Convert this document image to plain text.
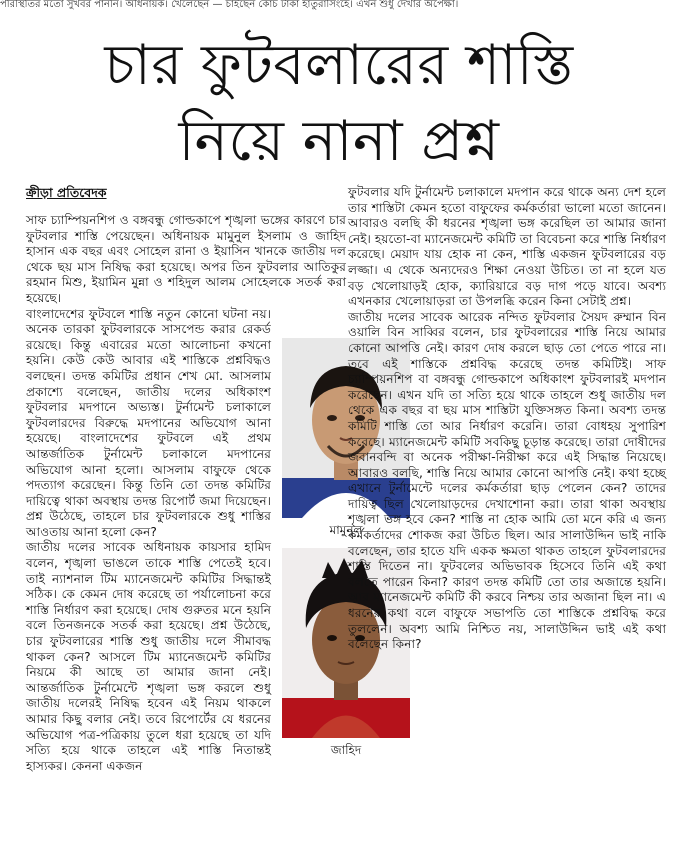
পরিস্থিতির মতো সুখবর পাননি। অধিনায়ক। খেলেছেন — চাইছেন কোচ টাকা হাতুরাসিংহে। এখন শুধু দেখার অপেক্ষা।
চার ফুটবলারের শাস্তি
নিয়ে নানা প্রশ্ন
ক্রীড়া প্রতিবেদক

সাফ চ্যাম্পিয়নশিপ ও বঙ্গবন্ধু গোল্ডকাপে শৃঙ্খলা ভঙ্গের কারণে চার ফুটবলার শাস্তি পেয়েছেন। অধিনায়ক মামুনুল ইসলাম ও জাহিদ হাসান এক বছর এবং সোহেল রানা ও ইয়াসিন খানকে জাতীয় দল থেকে ছয় মাস নিষিদ্ধ করা হয়েছে। অপর তিন ফুটবলার আতিকুর রহমান মিশু, ইয়ামিন মুন্না ও শহিদুল আলম সোহেলকে সতর্ক করা হয়েছে।

বাংলাদেশের ফুটবলে শাস্তি নতুন কোনো ঘটনা নয়। অনেক তারকা ফুটবলারকে সাসপেন্ড করার রেকর্ড রয়েছে। কিন্তু এবারের মতো আলোচনা কখনো হয়নি। কেউ কেউ আবার এই শাস্তিকে প্রশ্নবিদ্ধও বলছেন। তদন্ত কমিটির প্রধান শেখ মো. আসলাম প্রকাশ্যে বলেছেন, জাতীয় দলের অধিকাংশ ফুটবলার মদপানে অভ্যস্ত। টুর্নামেন্ট চলাকালে ফুটবলারদের বিরুদ্ধে মদপানের অভিযোগ আনা হয়েছে। বাংলাদেশের ফুটবলে এই প্রথম আন্তর্জাতিক টুর্নামেন্ট চলাকালে মদপানের অভিযোগ আনা হলো। আসলাম বাফুফে থেকে পদত্যাগ করেছেন। কিন্তু তিনি তো তদন্ত কমিটির দায়িত্বে থাকা অবস্থায় তদন্ত রিপোর্ট জমা দিয়েছেন। প্রশ্ন উঠেছে, তাহলে চার ফুটবলারকে শুধু শাস্তির আওতায় আনা হলো কেন?

জাতীয় দলের সাবেক অধিনায়ক কায়সার হামিদ বলেন, শৃঙ্খলা ভাঙলে তাকে শাস্তি পেতেই হবে। তাই ন্যাশনাল টিম ম্যানেজমেন্ট কমিটির সিদ্ধান্তই সঠিক। কে কেমন দোষ করেছে তা পর্যালোচনা করে শাস্তি নির্ধারণ করা হয়েছে। দোষ গুরুতর মনে হয়নি বলে তিনজনকে সতর্ক করা হয়েছে। প্রশ্ন উঠেছে, চার ফুটবলারের শাস্তি শুধু জাতীয় দলে সীমাবদ্ধ থাকল কেন? আসলে টিম ম্যানেজমেন্ট কমিটির নিয়মে কী আছে তা আমার জানা নেই। আন্তর্জাতিক টুর্নামেন্টে শৃঙ্খলা ভঙ্গ করলে শুধু জাতীয় দলেরই নিষিদ্ধ হবেন এই নিয়ম থাকলে আমার কিছু বলার নেই। তবে রিপোর্টের যে ধরনের অভিযোগ পত্র-পত্রিকায় তুলে ধরা হয়েছে তা যদি সত্যি হয়ে থাকে তাহলে এই শাস্তি নিতান্তই হাস্যকর। কেননা একজন

মামুনুল
জাহিদ

ফুটবলার যদি টুর্নামেন্ট চলাকালে মদপান করে থাকে অন্য দেশ হলে তার শাস্তিটা কেমন হতো বাফুফের কর্মকর্তারা ভালো মতো জানেন। আবারও বলছি কী ধরনের শৃঙ্খলা ভঙ্গ করেছিল তা আমার জানা নেই। হয়তো-বা ম্যানেজমেন্ট কমিটি তা বিবেচনা করে শাস্তি নির্ধারণ করেছে। মেয়াদ যায় হোক না কেন, শাস্তি একজন ফুটবলারের বড় লজ্জা। এ থেকে অন্যদেরও শিক্ষা নেওয়া উচিত। তা না হলে যত বড় খেলোয়াড়ই হোক, ক্যারিয়ারে বড় দাগ পড়ে যাবে। অবশ্য এখনকার খেলোয়াড়রা তা উপলব্ধি করেন কিনা সেটাই প্রশ্ন।

জাতীয় দলের সাবেক আরেক নন্দিত ফুটবলার সৈয়দ রুম্মান বিন ওয়ালি বিন সাব্বির বলেন, চার ফুটবলারের শাস্তি নিয়ে আমার কোনো আপত্তি নেই। কারণ দোষ করলে ছাড় তো পেতে পারে না। তবে এই শাস্তিকে প্রশ্নবিদ্ধ করেছে তদন্ত কমিটিই। সাফ চ্যাম্পিয়নশিপ বা বঙ্গবন্ধু গোল্ডকাপে অধিকাংশ ফুটবলারই মদপান করেছেন। এখন যদি তা সত্যি হয়ে থাকে তাহলে শুধু জাতীয় দল থেকে এক বছর বা ছয় মাস শাস্তিটা যুক্তিসঙ্গত কিনা। অবশ্য তদন্ত কমিটি শাস্তি তো আর নির্ধারণ করেনি। তারা বোধহয় সুপারিশ করেছে। ম্যানেজমেন্ট কমিটি সবকিছু চূড়ান্ত করেছে। তারা দোষীদের জবানবন্দি বা অনেক পরীক্ষা-নিরীক্ষা করে এই সিদ্ধান্ত নিয়েছে। আবারও বলছি, শাস্তি নিয়ে আমার কোনো আপত্তি নেই। কথা হচ্ছে এখানে টুর্নামেন্টে দলের কর্মকর্তারা ছাড় পেলেন কেন? তাদের দায়িত্ব ছিল খেলোয়াড়দের দেখাশোনা করা। তারা থাকা অবস্থায় শৃঙ্খলা ভঙ্গ হবে কেন? শাস্তি না হোক আমি তো মনে করি এ জন্য কর্মকর্তাদের শোকজ করা উচিত ছিল। আর সালাউদ্দিন ভাই নাকি বলেছেন, তার হাতে যদি একক ক্ষমতা থাকত তাহলে ফুটবলারদের শাস্তি দিতেন না। ফুটবলের অভিভাবক হিসেবে তিনি এই কথা বলতে পারেন কিনা? কারণ তদন্ত কমিটি তো তার অজান্তে হয়নি। আর ম্যানেজমেন্ট কমিটি কী করবে নিশ্চয় তার অজানা ছিল না। এ ধরনের কথা বলে বাফুফে সভাপতি তো শাস্তিকে প্রশ্নবিদ্ধ করে তুললেন। অবশ্য আমি নিশ্চিত নয়, সালাউদ্দিন ভাই এই কথা বলেছেন কিনা?
